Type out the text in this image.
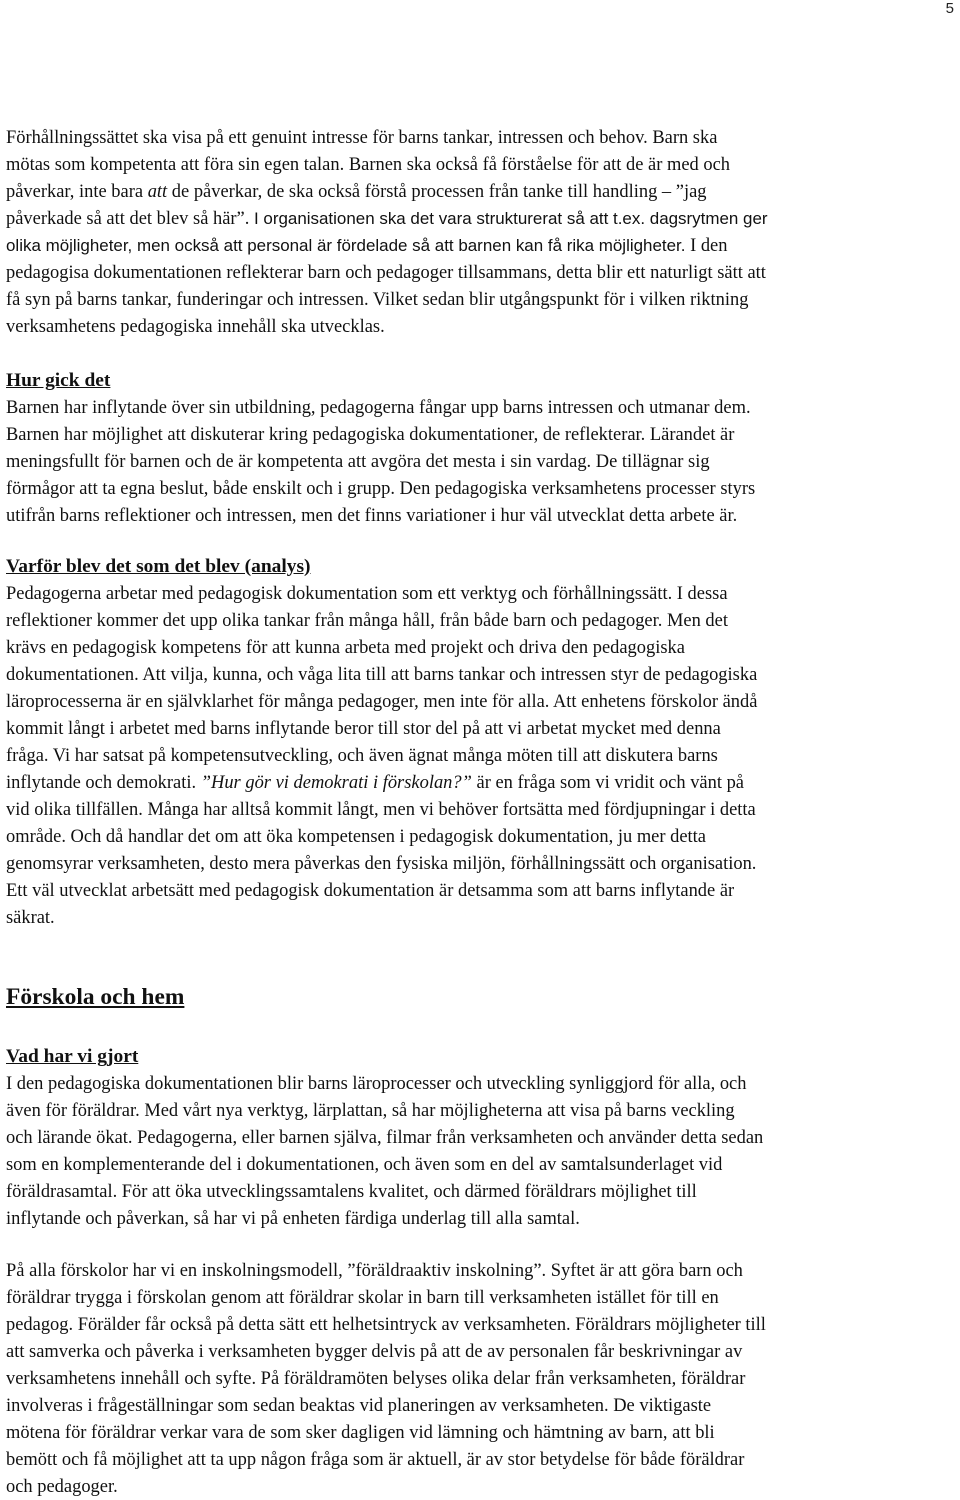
5
Förhållningssättet ska visa på ett genuint intresse för barns tankar, intressen och behov. Barn ska
mötas som kompetenta att föra sin egen talan. Barnen ska också få förståelse för att de är med och
påverkar, inte bara att de påverkar, de ska också förstå processen från tanke till handling – ”jag
påverkade så att det blev så här”. I organisationen ska det vara strukturerat så att t.ex. dagsrytmen ger
olika möjligheter, men också att personal är fördelade så att barnen kan få rika möjligheter. I den
pedagogisa dokumentationen reflekterar barn och pedagoger tillsammans, detta blir ett naturligt sätt att
få syn på barns tankar, funderingar och intressen. Vilket sedan blir utgångspunkt för i vilken riktning
verksamhetens pedagogiska innehåll ska utvecklas.
Hur gick det
Barnen har inflytande över sin utbildning, pedagogerna fångar upp barns intressen och utmanar dem.
Barnen har möjlighet att diskuterar kring pedagogiska dokumentationer, de reflekterar. Lärandet är
meningsfullt för barnen och de är kompetenta att avgöra det mesta i sin vardag. De tillägnar sig
förmågor att ta egna beslut, både enskilt och i grupp. Den pedagogiska verksamhetens processer styrs
utifrån barns reflektioner och intressen, men det finns variationer i hur väl utvecklat detta arbete är.
Varför blev det som det blev (analys)
Pedagogerna arbetar med pedagogisk dokumentation som ett verktyg och förhållningssätt. I dessa
reflektioner kommer det upp olika tankar från många håll, från både barn och pedagoger. Men det
krävs en pedagogisk kompetens för att kunna arbeta med projekt och driva den pedagogiska
dokumentationen. Att vilja, kunna, och våga lita till att barns tankar och intressen styr de pedagogiska
läroprocesserna är en självklarhet för många pedagoger, men inte för alla. Att enhetens förskolor ändå
kommit långt i arbetet med barns inflytande beror till stor del på att vi arbetat mycket med denna
fråga. Vi har satsat på kompetensutveckling, och även ägnat många möten till att diskutera barns
inflytande och demokrati. ”Hur gör vi demokrati i förskolan?” är en fråga som vi vridit och vänt på
vid olika tillfällen. Många har alltså kommit långt, men vi behöver fortsätta med fördjupningar i detta
område. Och då handlar det om att öka kompetensen i pedagogisk dokumentation, ju mer detta
genomsyrar verksamheten, desto mera påverkas den fysiska miljön, förhållningssätt och organisation.
Ett väl utvecklat arbetsätt med pedagogisk dokumentation är detsamma som att barns inflytande är
säkrat.
Förskola och hem
Vad har vi gjort
I den pedagogiska dokumentationen blir barns läroprocesser och utveckling synliggjord för alla, och
även för föräldrar. Med vårt nya verktyg, lärplattan, så har möjligheterna att visa på barns veckling
och lärande ökat. Pedagogerna, eller barnen själva, filmar från verksamheten och använder detta sedan
som en komplementerande del i dokumentationen, och även som en del av samtalsunderlaget vid
föräldrasamtal. För att öka utvecklingssamtalens kvalitet, och därmed föräldrars möjlighet till
inflytande och påverkan, så har vi på enheten färdiga underlag till alla samtal.
På alla förskolor har vi en inskolningsmodell, ”föräldraaktiv inskolning”. Syftet är att göra barn och
föräldrar trygga i förskolan genom att föräldrar skolar in barn till verksamheten istället för till en
pedagog. Förälder får också på detta sätt ett helhetsintryck av verksamheten. Föräldrars möjligheter till
att samverka och påverka i verksamheten bygger delvis på att de av personalen får beskrivningar av
verksamhetens innehåll och syfte. På föräldramöten belyses olika delar från verksamheten, föräldrar
involveras i frågeställningar som sedan beaktas vid planeringen av verksamheten. De viktigaste
mötena för föräldrar verkar vara de som sker dagligen vid lämning och hämtning av barn, att bli
bemött och få möjlighet att ta upp någon fråga som är aktuell, är av stor betydelse för både föräldrar
och pedagoger.
